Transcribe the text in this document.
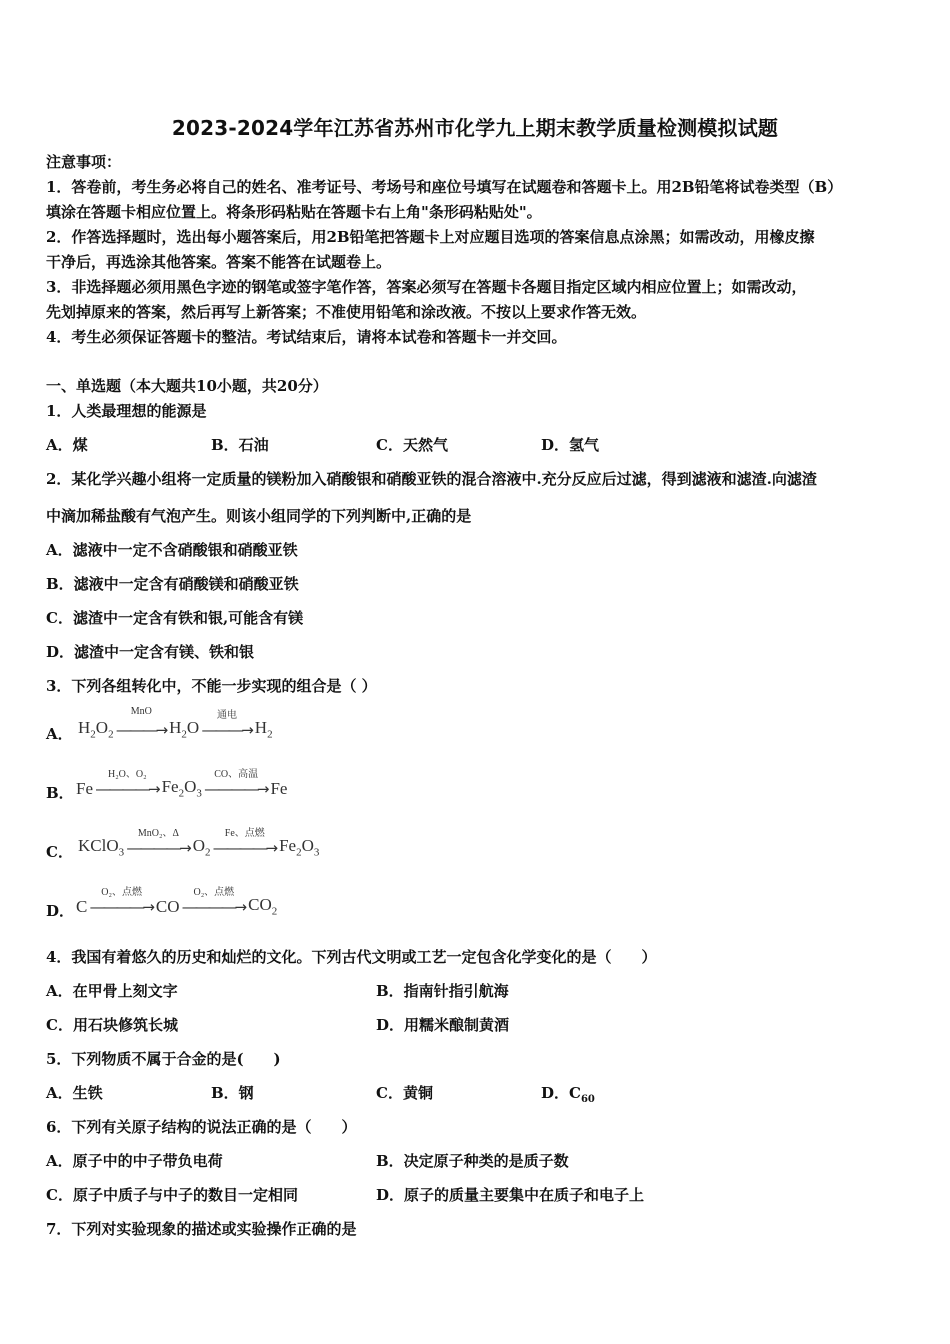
2023-2024学年江苏省苏州市化学九上期末教学质量检测模拟试题
注意事项：
1．答卷前，考生务必将自己的姓名、准考证号、考场号和座位号填写在试题卷和答题卡上。用2B铅笔将试卷类型（B）
填涂在答题卡相应位置上。将条形码粘贴在答题卡右上角"条形码粘贴处"。
2．作答选择题时，选出每小题答案后，用2B铅笔把答题卡上对应题目选项的答案信息点涂黑；如需改动，用橡皮擦
干净后，再选涂其他答案。答案不能答在试题卷上。
3．非选择题必须用黑色字迹的钢笔或签字笔作答，答案必须写在答题卡各题目指定区域内相应位置上；如需改动，
先划掉原来的答案，然后再写上新答案；不准使用铅笔和涂改液。不按以上要求作答无效。
4．考生必须保证答题卡的整洁。考试结束后，请将本试卷和答题卡一并交回。
一、单选题（本大题共10小题，共20分）
1．人类最理想的能源是
A．煤	B．石油	C．天然气	D．氢气
2．某化学兴趣小组将一定质量的镁粉加入硝酸银和硝酸亚铁的混合溶液中.充分反应后过滤，得到滤液和滤渣.向滤渣
中滴加稀盐酸有气泡产生。则该小组同学的下列判断中,正确的是
A．滤液中一定不含硝酸银和硝酸亚铁
B．滤液中一定含有硝酸镁和硝酸亚铁
C．滤渣中一定含有铁和银,可能含有镁
D．滤渣中一定含有镁、铁和银
3．下列各组转化中，不能一步实现的组合是（ ）
A． $H_2O_2$
MnO
―――→ $H_2O$
通电
―――→ $H_2$
B． Fe
H₂O、O₂
――――→ $Fe_2O_3$
CO、高温
――――→ Fe
C． KClO$_3$
MnO₂、Δ
――――→ $O_2$
Fe、点燃
――――→ $Fe_2O_3$
D． C
O₂、点燃
――――→ CO
O₂、点燃
――――→ $CO_2$
4．我国有着悠久的历史和灿烂的文化。下列古代文明或工艺一定包含化学变化的是（　　）
A．在甲骨上刻文字	B．指南针指引航海
C．用石块修筑长城	D．用糯米酿制黄酒
5．下列物质不属于合金的是(　　)
A．生铁	B．钢	C．黄铜	D．$C_{60}$
6．下列有关原子结构的说法正确的是（　　）
A．原子中的中子带负电荷	B．决定原子种类的是质子数
C．原子中质子与中子的数目一定相同	D．原子的质量主要集中在质子和电子上
7．下列对实验现象的描述或实验操作正确的是
